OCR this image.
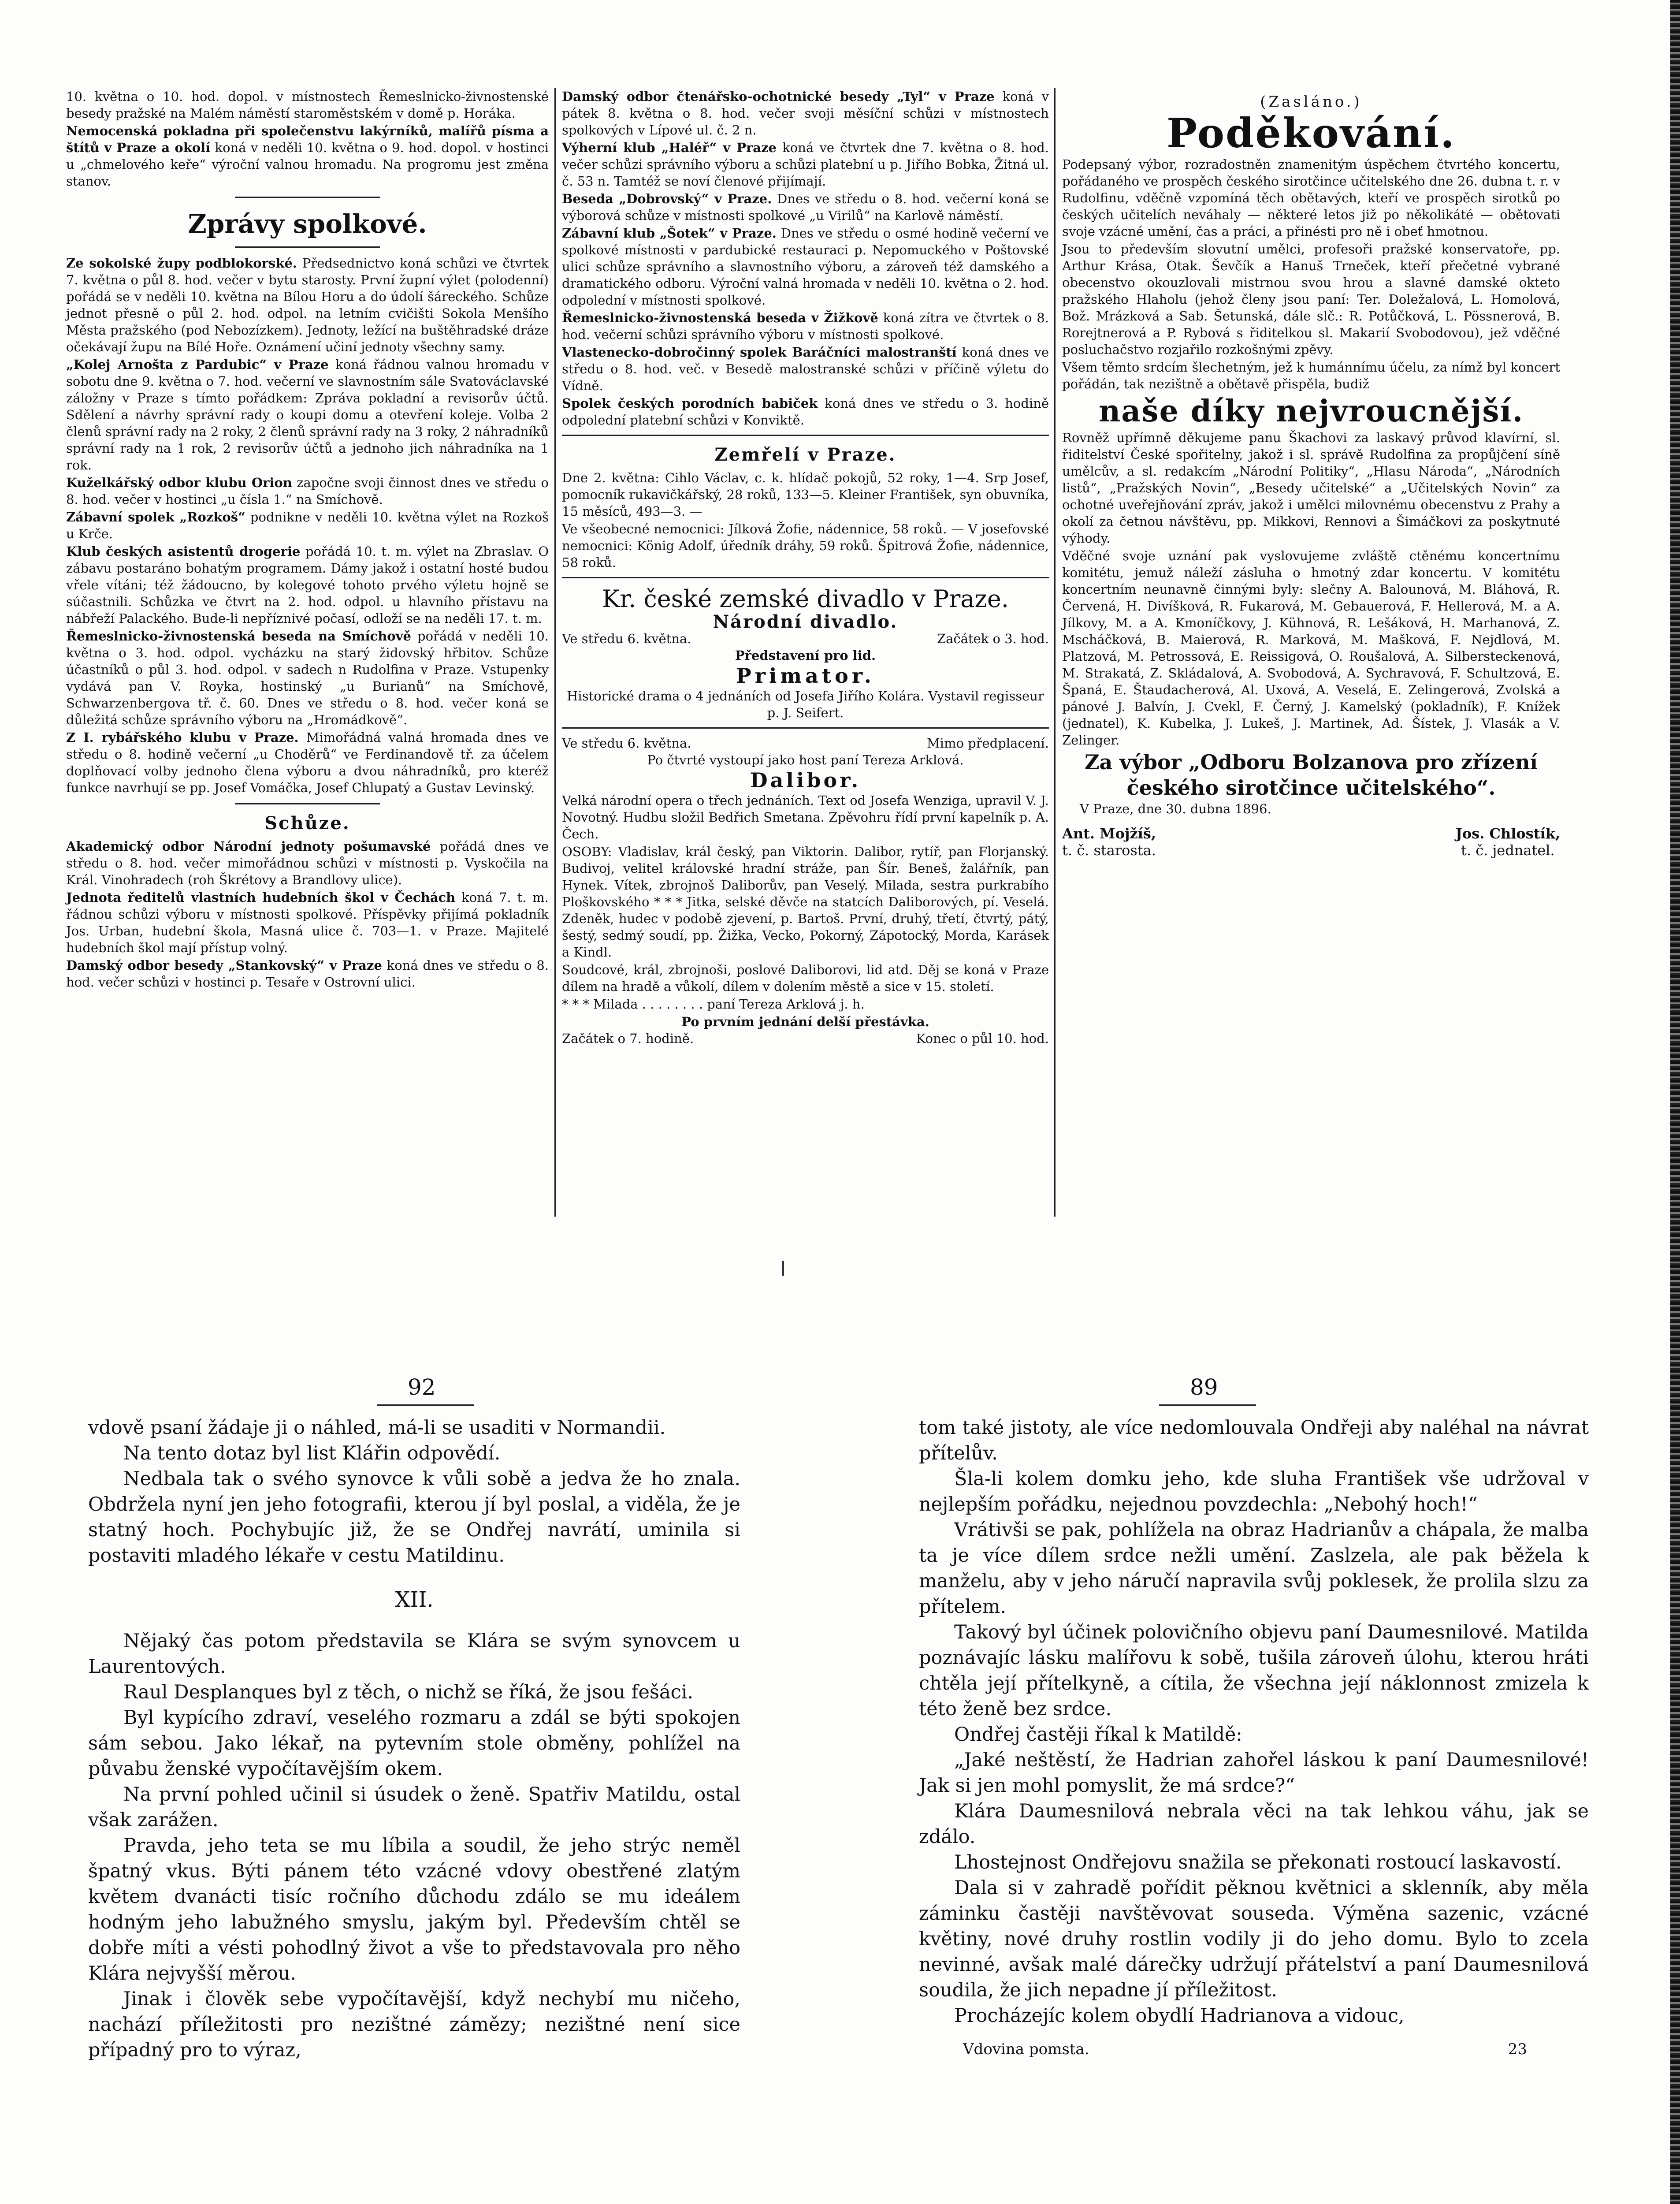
10. května o 10. hod. dopol. v místnostech Řemeslnicko-živnostenské besedy pražské na Malém náměstí staroměstském v domě p. Horáka.

Nemocenská pokladna při společenstvu lakýrníků, malířů písma a štítů v Praze a okolí koná v neděli 10. května o 9. hod. dopol. v hostinci u „chmelového keře“ výroční valnou hromadu. Na progromu jest změna stanov.

Zprávy spolkové.

Ze sokolské župy podblokorské. Předsednictvo koná schůzi ve čtvrtek 7. května o půl 8. hod. večer v bytu starosty. První župní výlet (polodenní) pořádá se v neděli 10. května na Bílou Horu a do údolí šáreckého. Schůze jednot přesně o půl 2. hod. odpol. na letním cvičišti Sokola Menšího Města pražského (pod Nebozízkem). Jednoty, ležící na buštěhradské dráze očekávají župu na Bílé Hoře. Oznámení učiní jednoty všechny samy.

„Kolej Arnošta z Pardubic“ v Praze koná řádnou valnou hromadu v sobotu dne 9. května o 7. hod. večerní ve slavnostním sále Svatováclavské záložny v Praze s tímto pořádkem: Zpráva pokladní a revisorův účtů. Sdělení a návrhy správní rady o koupi domu a otevření koleje. Volba 2 členů správní rady na 2 roky, 2 členů správní rady na 3 roky, 2 náhradníků správní rady na 1 rok, 2 revisorův účtů a jednoho jich náhradníka na 1 rok.

Kuželkářský odbor klubu Orion započne svoji činnost dnes ve středu o 8. hod. večer v hostinci „u čísla 1.“ na Smíchově.

Zábavní spolek „Rozkoš“ podnikne v neděli 10. května výlet na Rozkoš u Krče.

Klub českých asistentů drogerie pořádá 10. t. m. výlet na Zbraslav. O zábavu postaráno bohatým programem. Dámy jakož i ostatní hosté budou vřele vítáni; též žádoucno, by kolegové tohoto prvého výletu hojně se súčastnili. Schůzka ve čtvrt na 2. hod. odpol. u hlavního přístavu na nábřeží Palackého. Bude-li nepříznivé počasí, odloží se na neděli 17. t. m.

Řemeslnicko-živnostenská beseda na Smíchově pořádá v neděli 10. května o 3. hod. odpol. vycházku na starý židovský hřbitov. Schůze účastníků o půl 3. hod. odpol. v sadech n Rudolfina v Praze. Vstupenky vydává pan V. Royka, hostinský „u Burianů“ na Smíchově, Schwarzenbergova tř. č. 60. Dnes ve středu o 8. hod. večer koná se důležitá schůze správního výboru na „Hromádkově“.

Z I. rybářského klubu v Praze. Mimořádná valná hromada dnes ve středu o 8. hodině večerní „u Choděrů“ ve Ferdinandově tř. za účelem doplňovací volby jednoho člena výboru a dvou náhradníků, pro kteréž funkce navrhují se pp. Josef Vomáčka, Josef Chlupatý a Gustav Levinský.

Schůze.

Akademický odbor Národní jednoty pošumavské pořádá dnes ve středu o 8. hod. večer mimořádnou schůzi v místnosti p. Vyskočila na Král. Vinohradech (roh Škrétovy a Brandlovy ulice).

Jednota ředitelů vlastních hudebních škol v Čechách koná 7. t. m. řádnou schůzi výboru v místnosti spolkové. Příspěvky přijímá pokladník Jos. Urban, hudební škola, Masná ulice č. 703—1. v Praze. Majitelé hudebních škol mají přístup volný.

Damský odbor besedy „Stankovský“ v Praze koná dnes ve středu o 8. hod. večer schůzi v hostinci p. Tesaře v Ostrovní ulici.

Damský odbor čtenářsko-ochotnické besedy „Tyl“ v Praze koná v pátek 8. května o 8. hod. večer svoji měsíční schůzi v místnostech spolkových v Lípové ul. č. 2 n.

Výherní klub „Haléř“ v Praze koná ve čtvrtek dne 7. května o 8. hod. večer schůzi správního výboru a schůzi platební u p. Jiřího Bobka, Žitná ul. č. 53 n. Tamtéž se noví členové přijímají.

Beseda „Dobrovský“ v Praze. Dnes ve středu o 8. hod. večerní koná se výborová schůze v místnosti spolkové „u Virilů“ na Karlově náměstí.

Zábavní klub „Šotek“ v Praze. Dnes ve středu o osmé hodině večerní ve spolkové místnosti v pardubické restauraci p. Nepomuckého v Poštovské ulici schůze správního a slavnostního výboru, a zároveň též damského a dramatického odboru. Výroční valná hromada v neděli 10. května o 2. hod. odpolední v místnosti spolkové.

Řemeslnicko-živnostenská beseda v Žižkově koná zítra ve čtvrtek o 8. hod. večerní schůzi správního výboru v místnosti spolkové.

Vlastenecko-dobročinný spolek Baráčníci malostranští koná dnes ve středu o 8. hod. več. v Besedě malostranské schůzi v příčině výletu do Vídně.

Spolek českých porodních babiček koná dnes ve středu o 3. hodině odpolední platební schůzi v Konviktě.

Zemřelí v Praze.

Dne 2. května: Cihlo Václav, c. k. hlídač pokojů, 52 roky, 1—4. Srp Josef, pomocník rukavičkářský, 28 roků, 133—5. Kleiner František, syn obuvníka, 15 měsíců, 493—3. —

Ve všeobecné nemocnici: Jílková Žofie, nádennice, 58 roků. — V josefovské nemocnici: König Adolf, úředník dráhy, 59 roků. Špitrová Žofie, nádennice, 58 roků.

Kr. české zemské divadlo v Praze.
Národní divadlo.
Ve středu 6. května.	Začátek o 3. hod.
Představení pro lid.
Primator.

Historické drama o 4 jednáních od Josefa Jiřího Kolára. Vystavil regisseur p. J. Seifert.

Ve středu 6. května.	Mimo předplacení.
Po čtvrté vystoupí jako host paní Tereza Arklová.
Dalibor.

Velká národní opera o třech jednáních. Text od Josefa Wenziga, upravil V. J. Novotný. Hudbu složil Bedřich Smetana. Zpěvohru řídí první kapelník p. A. Čech.

OSOBY: Vladislav, král český, pan Viktorin. Dalibor, rytíř, pan Florjanský. Budivoj, velitel královské hradní stráže, pan Šír. Beneš, žalářník, pan Hynek. Vítek, zbrojnoš Daliborův, pan Veselý. Milada, sestra purkrabího Ploškovského * * * Jitka, selské děvče na statcích Daliborových, pí. Veselá. Zdeněk, hudec v podobě zjevení, p. Bartoš. První, druhý, třetí, čtvrtý, pátý, šestý, sedmý soudí, pp. Žižka, Vecko, Pokorný, Zápotocký, Morda, Karásek a Kindl.

Soudcové, král, zbrojnoši, poslové Daliborovi, lid atd. Děj se koná v Praze dílem na hradě a vůkolí, dílem v dolením městě a sice v 15. století.

* * * Milada . . . . . . . . paní Tereza Arklová j. h.

Po prvním jednání delší přestávka.
Začátek o 7. hodině.	Konec o půl 10. hod.
(Zasláno.)
Poděkování.

Podepsaný výbor, rozradostněn znamenitým úspěchem čtvrtého koncertu, pořádaného ve prospěch českého sirotčince učitelského dne 26. dubna t. r. v Rudolfinu, vděčně vzpomíná těch obětavých, kteří ve prospěch sirotků po českých učitelích neváhaly — některé letos již po několikáté — obětovati svoje vzácné umění, čas a práci, a přinésti pro ně i obeť hmotnou.

Jsou to především slovutní umělci, profesoři pražské konservatoře, pp. Arthur Krása, Otak. Ševčík a Hanuš Trneček, kteří přečetné vybrané obecenstvo okouzlovali mistrnou svou hrou a slavné damské okteto pražského Hlaholu (jehož členy jsou paní: Ter. Doležalová, L. Homolová, Bož. Mrázková a Sab. Šetunská, dále slč.: R. Potůčková, L. Pössnerová, B. Rorejtnerová a P. Rybová s řiditelkou sl. Makarií Svobodovou), jež vděčné posluchačstvo rozjařilo rozkošnými zpěvy.

Všem těmto srdcím šlechetným, jež k humánnímu účelu, za nímž byl koncert pořádán, tak nezištně a obětavě přispěla, budiž

naše díky nejvroucnější.

Rovněž upřímně děkujeme panu Škachovi za laskavý průvod klavírní, sl. řiditelství České spořitelny, jakož i sl. správě Rudolfina za propůjčení síně umělcův, a sl. redakcím „Národní Politiky“, „Hlasu Národa“, „Národních listů“, „Pražských Novin“, „Besedy učitelské“ a „Učitelských Novin“ za ochotné uveřejňování zpráv, jakož i umělci milovnému obecenstvu z Prahy a okolí za četnou návštěvu, pp. Mikkovi, Rennovi a Šimáčkovi za poskytnuté výhody.

Vděčné svoje uznání pak vyslovujeme zvláště ctěnému koncertnímu komitétu, jemuž náleží zásluha o hmotný zdar koncertu. V komitétu koncertním neunavně činnými byly: slečny A. Balounová, M. Bláhová, R. Červená, H. Divíšková, R. Fukarová, M. Gebauerová, F. Hellerová, M. a A. Jílkovy, M. a A. Kmoníčkovy, J. Kühnová, R. Lešáková, H. Marhanová, Z. Mscháčková, B. Maierová, R. Marková, M. Mašková, F. Nejdlová, M. Platzová, M. Petrossová, E. Reissigová, O. Roušalová, A. Silbersteckenová, M. Strakatá, Z. Skládalová, A. Svobodová, A. Sychravová, F. Schultzová, E. Španá, E. Štaudacherová, Al. Uxová, A. Veselá, E. Zelingerová, Zvolská a pánové J. Balvín, J. Cvekl, F. Černý, J. Kamelský (pokladník), F. Knížek (jednatel), K. Kubelka, J. Lukeš, J. Martinek, Ad. Šístek, J. Vlasák a V. Zelinger.

Za výbor „Odboru Bolzanova pro zřízení českého sirotčince učitelského“.

V Praze, dne 30. dubna 1896.

Ant. Mojžíš,
t. č. starosta.
Jos. Chlostík,
t. č. jednatel.
92	89

vdově psaní žádaje ji o náhled, má-li se usaditi v Normandii.

Na tento dotaz byl list Klářin odpovědí.

Nedbala tak o svého synovce k vůli sobě a jedva že ho znala. Obdržela nyní jen jeho fotografii, kterou jí byl poslal, a viděla, že je statný hoch. Pochybujíc již, že se Ondřej navrátí, uminila si postaviti mladého lékaře v cestu Matildinu.

XII.

Nějaký čas potom představila se Klára se svým synovcem u Laurentových.

Raul Desplanques byl z těch, o nichž se říká, že jsou fešáci.

Byl kypícího zdraví, veselého rozmaru a zdál se býti spokojen sám sebou. Jako lékař, na pytevním stole obměny, pohlížel na půvabu ženské vypočítavějším okem.

Na první pohled učinil si úsudek o ženě. Spatřiv Matildu, ostal však zarážen.

Pravda, jeho teta se mu líbila a soudil, že jeho strýc neměl špatný vkus. Býti pánem této vzácné vdovy obestřené zlatým květem dvanácti tisíc ročního důchodu zdálo se mu ideálem hodným jeho labužného smyslu, jakým byl. Především chtěl se dobře míti a vésti pohodlný život a vše to představovala pro něho Klára nejvyšší měrou.

Jinak i člověk sebe vypočítavější, když nechybí mu ničeho, nachází příležitosti pro nezištné zámězy; nezištné není sice případný pro to výraz,

tom také jistoty, ale více nedomlouvala Ondřeji aby naléhal na návrat přítelův.

Šla-li kolem domku jeho, kde sluha František vše udržoval v nejlepším pořádku, nejednou povzdechla: „Nebohý hoch!“

Vrátivši se pak, pohlížela na obraz Hadrianův a chápala, že malba ta je více dílem srdce nežli umění. Zaslzela, ale pak běžela k manželu, aby v jeho náručí napravila svůj poklesek, že prolila slzu za přítelem.

Takový byl účinek polovičního objevu paní Daumesnilové. Matilda poznávajíc lásku malířovu k sobě, tušila zároveň úlohu, kterou hráti chtěla její přítelkyně, a cítila, že všechna její náklonnost zmizela k této ženě bez srdce.

Ondřej častěji říkal k Matildě:

„Jaké neštěstí, že Hadrian zahořel láskou k paní Daumesnilové! Jak si jen mohl pomyslit, že má srdce?“

Klára Daumesnilová nebrala věci na tak lehkou váhu, jak se zdálo.

Lhostejnost Ondřejovu snažila se překonati rostoucí laskavostí.

Dala si v zahradě pořídit pěknou květnici a sklenník, aby měla záminku častěji navštěvovat souseda. Výměna sazenic, vzácné květiny, nové druhy rostlin vodily ji do jeho domu. Bylo to zcela nevinné, avšak malé dárečky udržují přátelství a paní Daumesnilová soudila, že jich nepadne jí příležitost.

Procházejíc kolem obydlí Hadrianova a vidouc,

Vdovina pomsta.	23
